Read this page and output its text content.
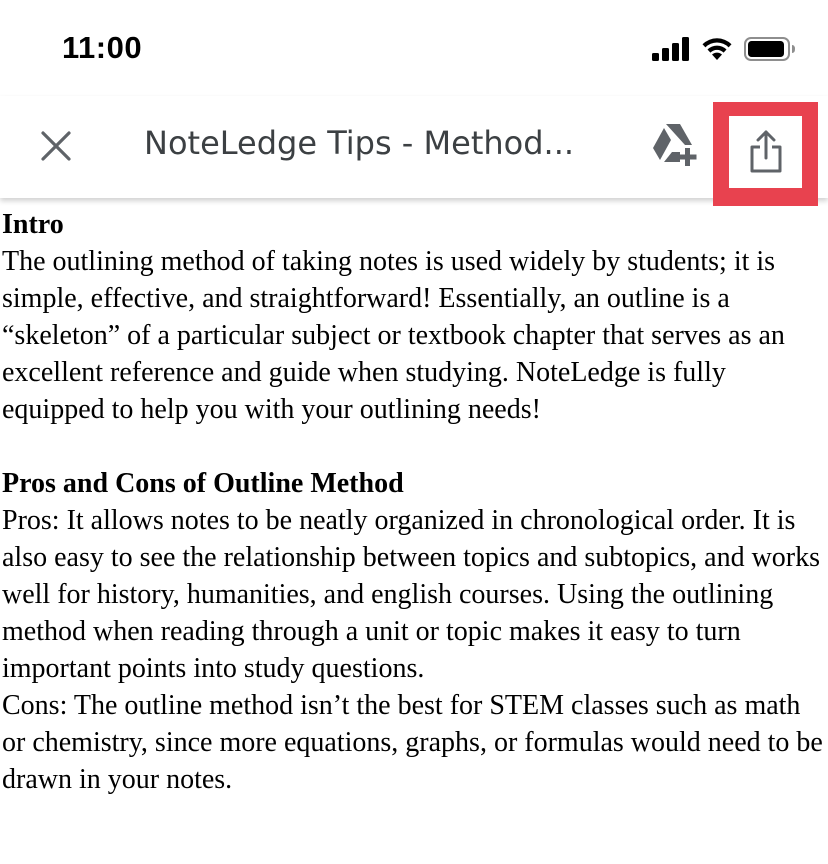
11:00
NoteLedge Tips - Method...

Intro

The outlining method of taking notes is used widely by students; it is simple, effective, and straightforward! Essentially, an outline is a “skeleton” of a particular subject or textbook chapter that serves as an excellent reference and guide when studying. NoteLedge is fully equipped to help you with your outlining needs!

Pros and Cons of Outline Method

Pros: It allows notes to be neatly organized in chronological order. It is also easy to see the relationship between topics and subtopics, and works well for history, humanities, and english courses. Using the outlining method when reading through a unit or topic makes it easy to turn important points into study questions.

Cons: The outline method isn’t the best for STEM classes such as math or chemistry, since more equations, graphs, or formulas would need to be drawn in your notes.
